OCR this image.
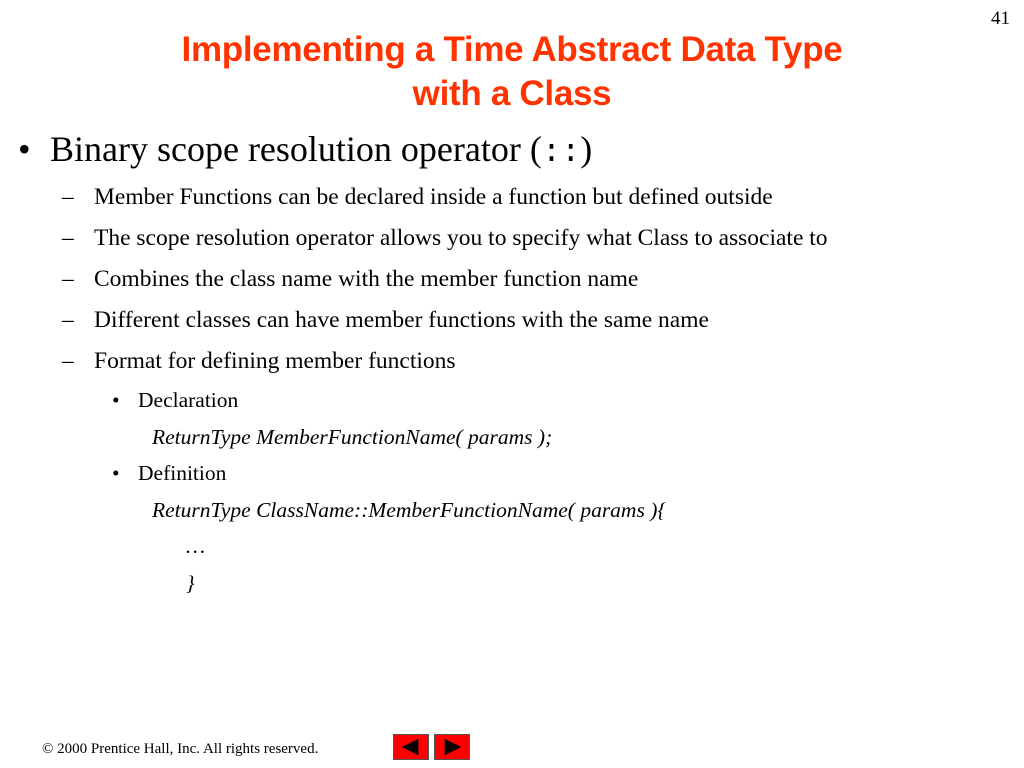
41
Implementing a Time Abstract Data Type
with a Class
• Binary scope resolution operator (::)
– Member Functions can be declared inside a function but defined outside
– The scope resolution operator allows you to specify what Class to associate to
– Combines the class name with the member function name
– Different classes can have member functions with the same name
– Format for defining member functions
• Declaration
ReturnType MemberFunctionName( params );
• Definition
ReturnType ClassName::MemberFunctionName( params ){
…
}
© 2000 Prentice Hall, Inc. All rights reserved.
